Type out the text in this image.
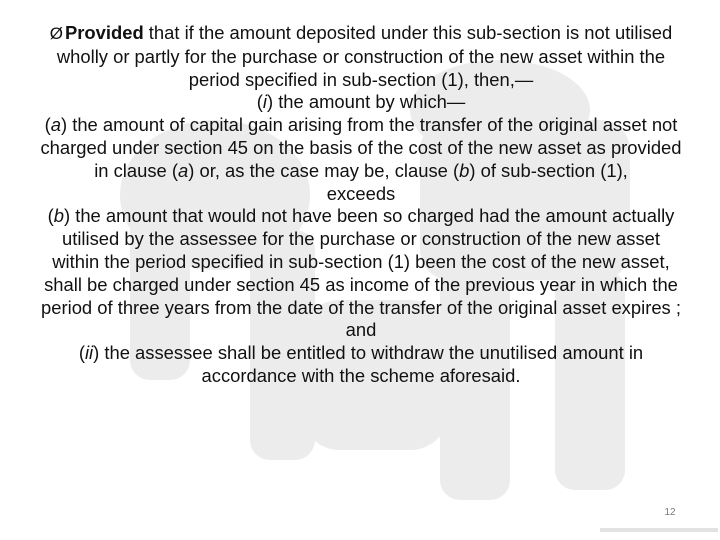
Ø Provided that if the amount deposited under this sub-section is not utilised wholly or partly for the purchase or construction of the new asset within the period specified in sub-section (1), then,—

(i) the amount by which—

(a) the amount of capital gain arising from the transfer of the original asset not charged under section 45 on the basis of the cost of the new asset as provided in clause (a) or, as the case may be, clause (b) of sub-section (1),

exceeds

(b) the amount that would not have been so charged had the amount actually utilised by the assessee for the purchase or construction of the new asset within the period specified in sub-section (1) been the cost of the new asset,

shall be charged under section 45 as income of the previous year in which the period of three years from the date of the transfer of the original asset expires ; and

(ii) the assessee shall be entitled to withdraw the unutilised amount in accordance with the scheme aforesaid.

12
